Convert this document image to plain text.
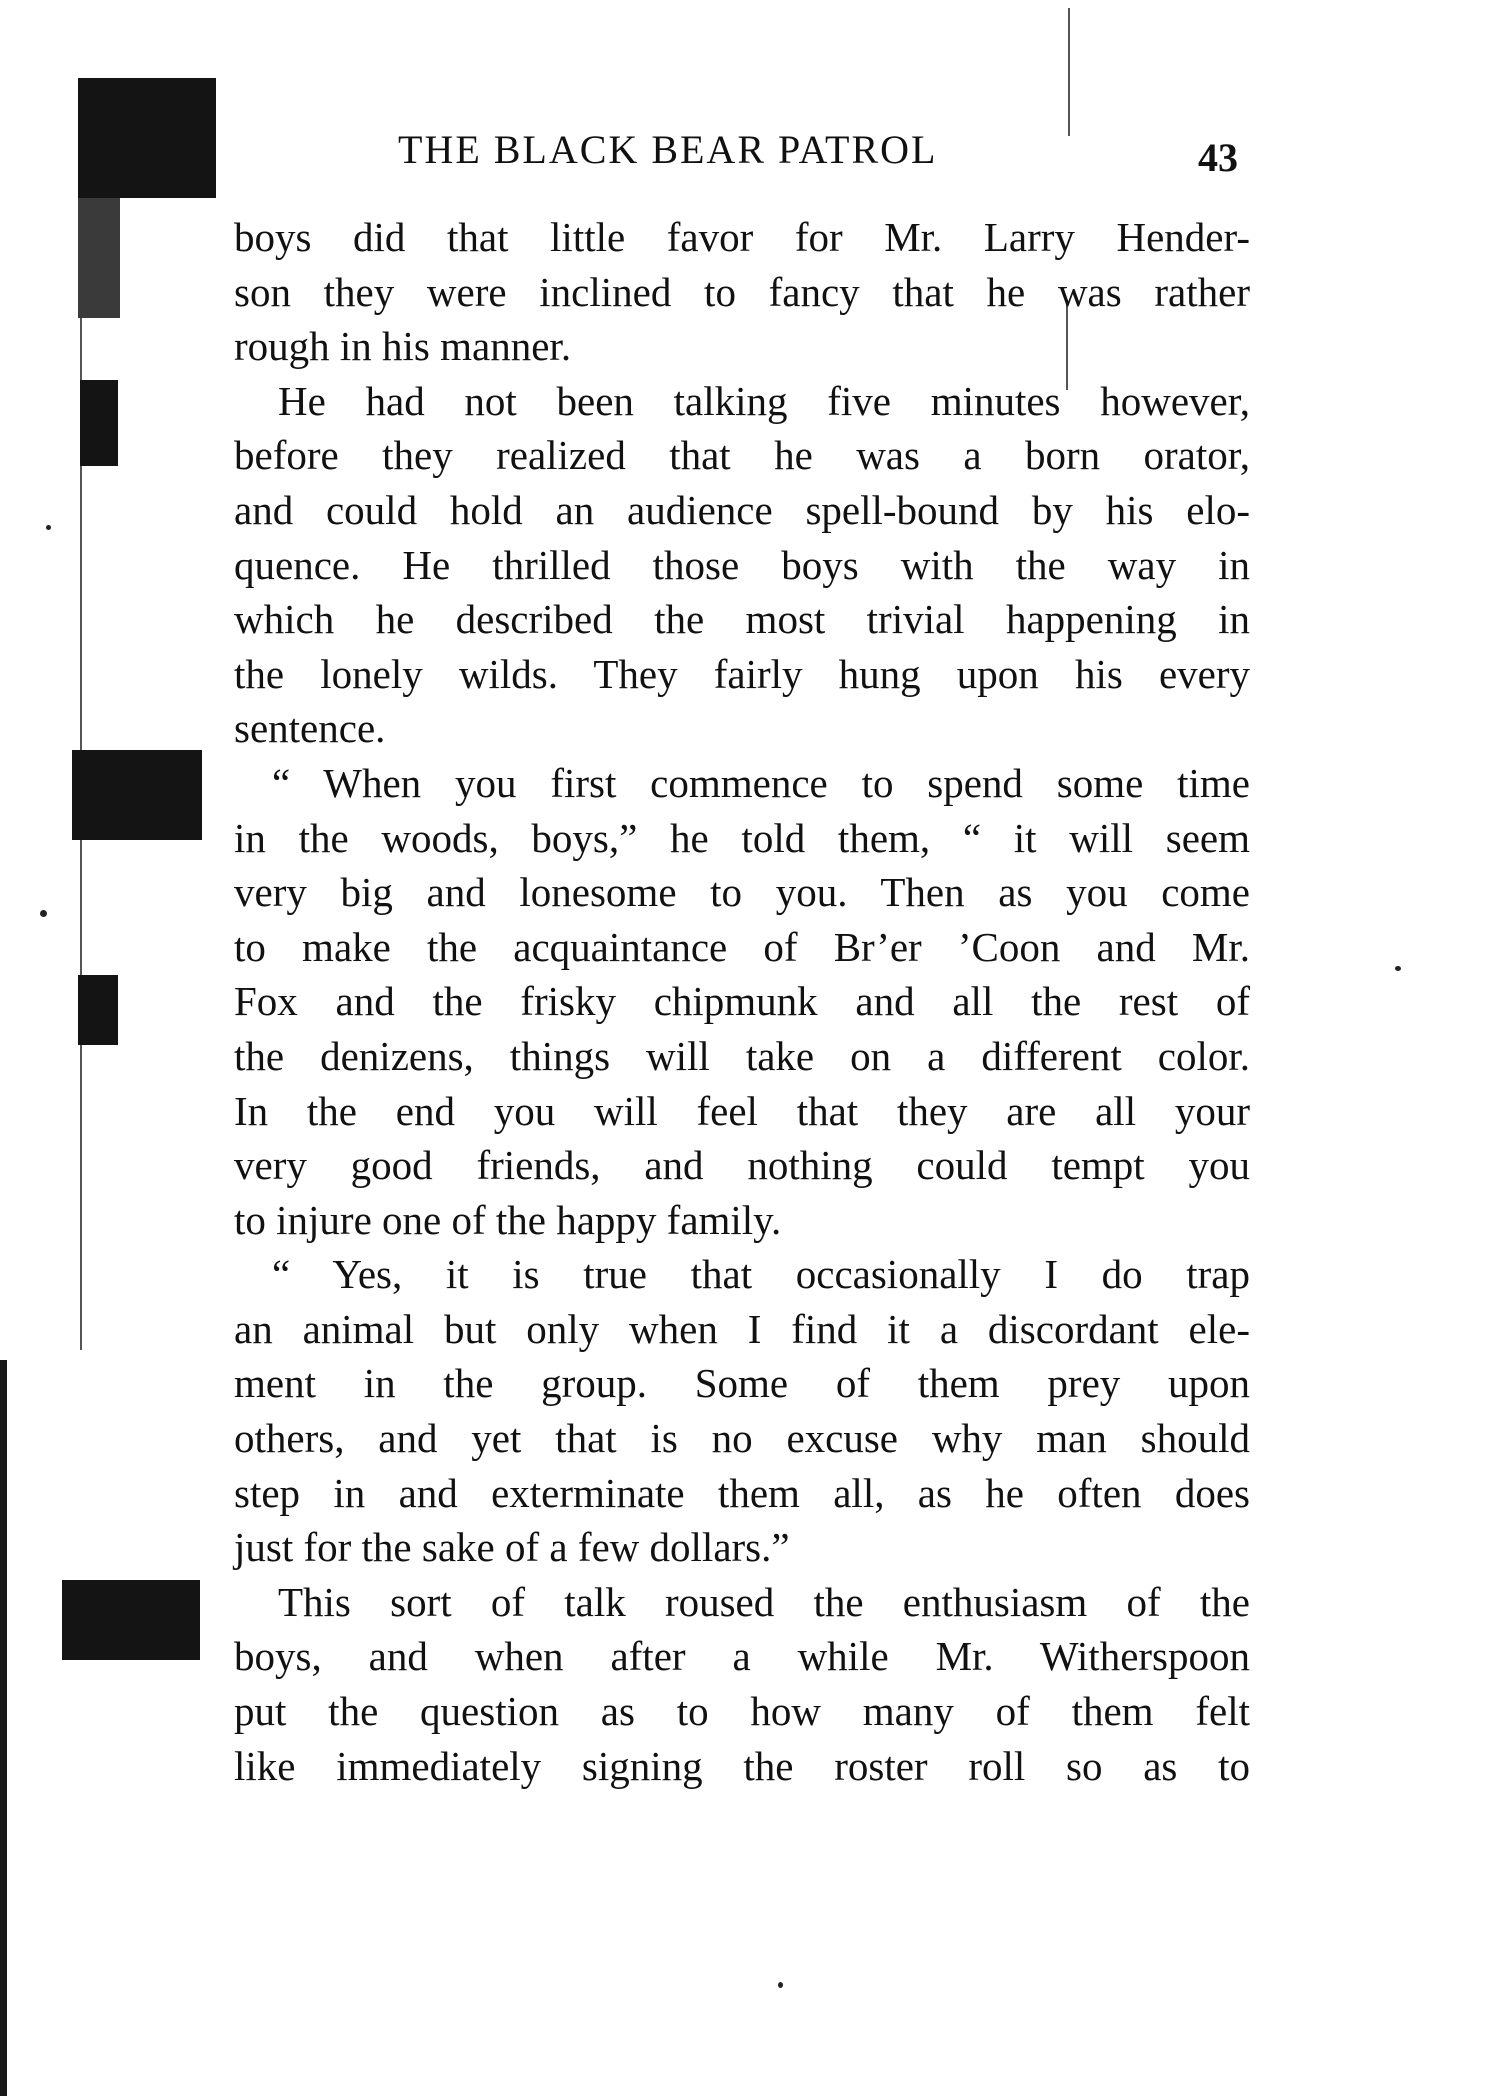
THE BLACK BEAR PATROL	43
boys did that little favor for Mr. Larry Hender-
son they were inclined to fancy that he was rather
rough in his manner.
He had not been talking five minutes however,
before they realized that he was a born orator,
and could hold an audience spell-bound by his elo-
quence. He thrilled those boys with the way in
which he described the most trivial happening in
the lonely wilds. They fairly hung upon his every
sentence.
“ When you first commence to spend some time
in the woods, boys,” he told them, “ it will seem
very big and lonesome to you. Then as you come
to make the acquaintance of Br’er ’Coon and Mr.
Fox and the frisky chipmunk and all the rest of
the denizens, things will take on a different color.
In the end you will feel that they are all your
very good friends, and nothing could tempt you
to injure one of the happy family.
“ Yes, it is true that occasionally I do trap
an animal but only when I find it a discordant ele-
ment in the group. Some of them prey upon
others, and yet that is no excuse why man should
step in and exterminate them all, as he often does
just for the sake of a few dollars.”
This sort of talk roused the enthusiasm of the
boys, and when after a while Mr. Witherspoon
put the question as to how many of them felt
like immediately signing the roster roll so as to
